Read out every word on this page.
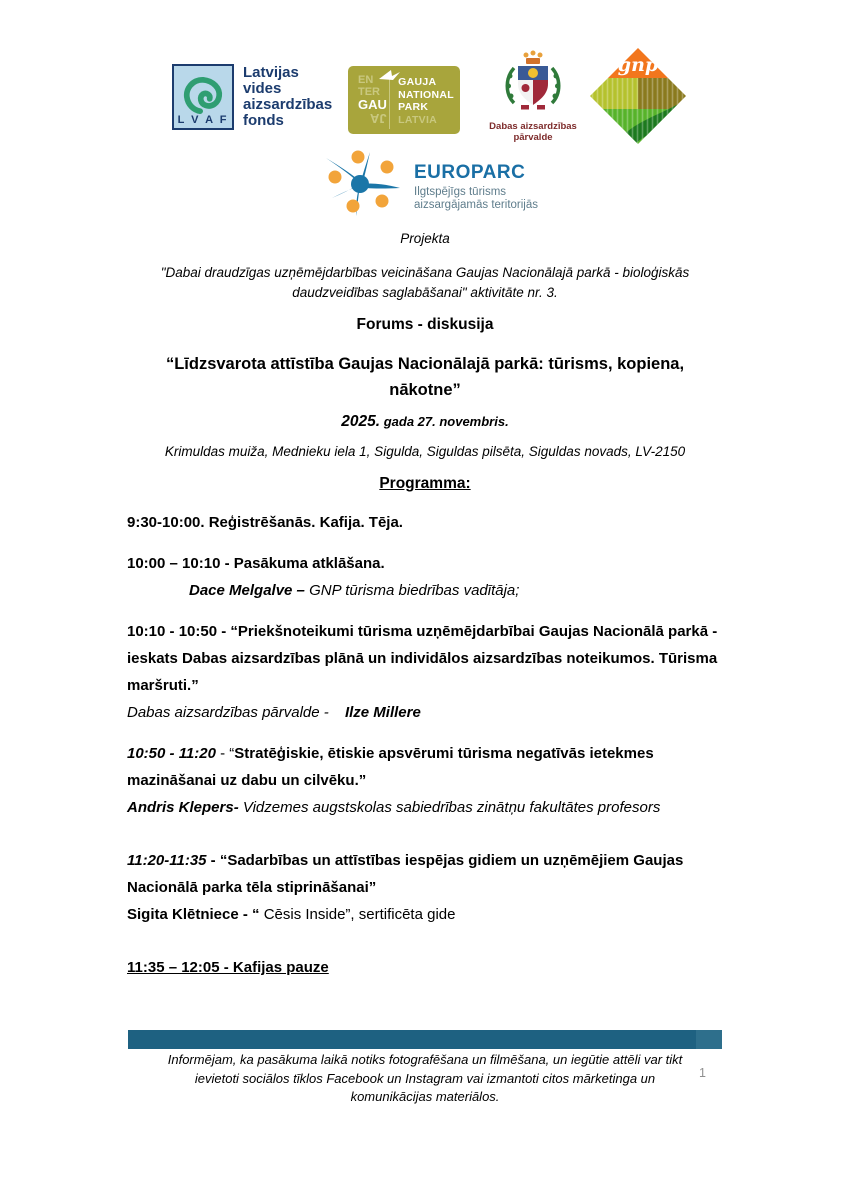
L V A F
Latvijas
vides
aizsardzības
fonds
EN
TER
GAU
JA
GAUJA
NATIONAL
PARK
LATVIA
Dabas aizsardzības
pārvalde
gnp
EUROPARC
Ilgtspējīgs tūrisms
aizsargājamās teritorijās
Projekta
"Dabai draudzīgas uzņēmējdarbības veicināšana Gaujas Nacionālajā parkā - bioloģiskās
daudzveidības saglabāšanai" aktivitāte nr. 3.
Forums - diskusija
“Līdzsvarota attīstība Gaujas Nacionālajā parkā: tūrisms, kopiena,
nākotne”
2025. gada 27. novembris.
Krimuldas muiža, Mednieku iela 1, Sigulda, Siguldas pilsēta, Siguldas novads, LV-2150
Programma:
9:30-10:00. Reģistrēšanās. Kafija. Tēja.
10:00 – 10:10 - Pasākuma atklāšana.
Dace Melgalve – GNP tūrisma biedrības vadītāja;
10:10 - 10:50 - “Priekšnoteikumi tūrisma uzņēmējdarbībai Gaujas Nacionālā parkā - ieskats Dabas aizsardzības plānā un individālos aizsardzības noteikumos. Tūrisma maršruti.”
Dabas aizsardzības pārvalde - Ilze Millere
10:50 - 11:20 - “Stratēģiskie, ētiskie apsvērumi tūrisma negatīvās ietekmes mazināšanai uz dabu un cilvēku.”
Andris Klepers- Vidzemes augstskolas sabiedrības zinātņu fakultātes profesors
11:20-11:35 - “Sadarbības un attīstības iespējas gidiem un uzņēmējiem Gaujas Nacionālā parka tēla stiprināšanai”
Sigita Klētniece - “ Cēsis Inside”, sertificēta gide
11:35 – 12:05 - Kafijas pauze
Informējam, ka pasākuma laikā notiks fotografēšana un filmēšana, un iegūtie attēli var tikt
ievietoti sociālos tīklos Facebook un Instagram vai izmantoti citos mārketinga un
komunikācijas materiālos.
1
